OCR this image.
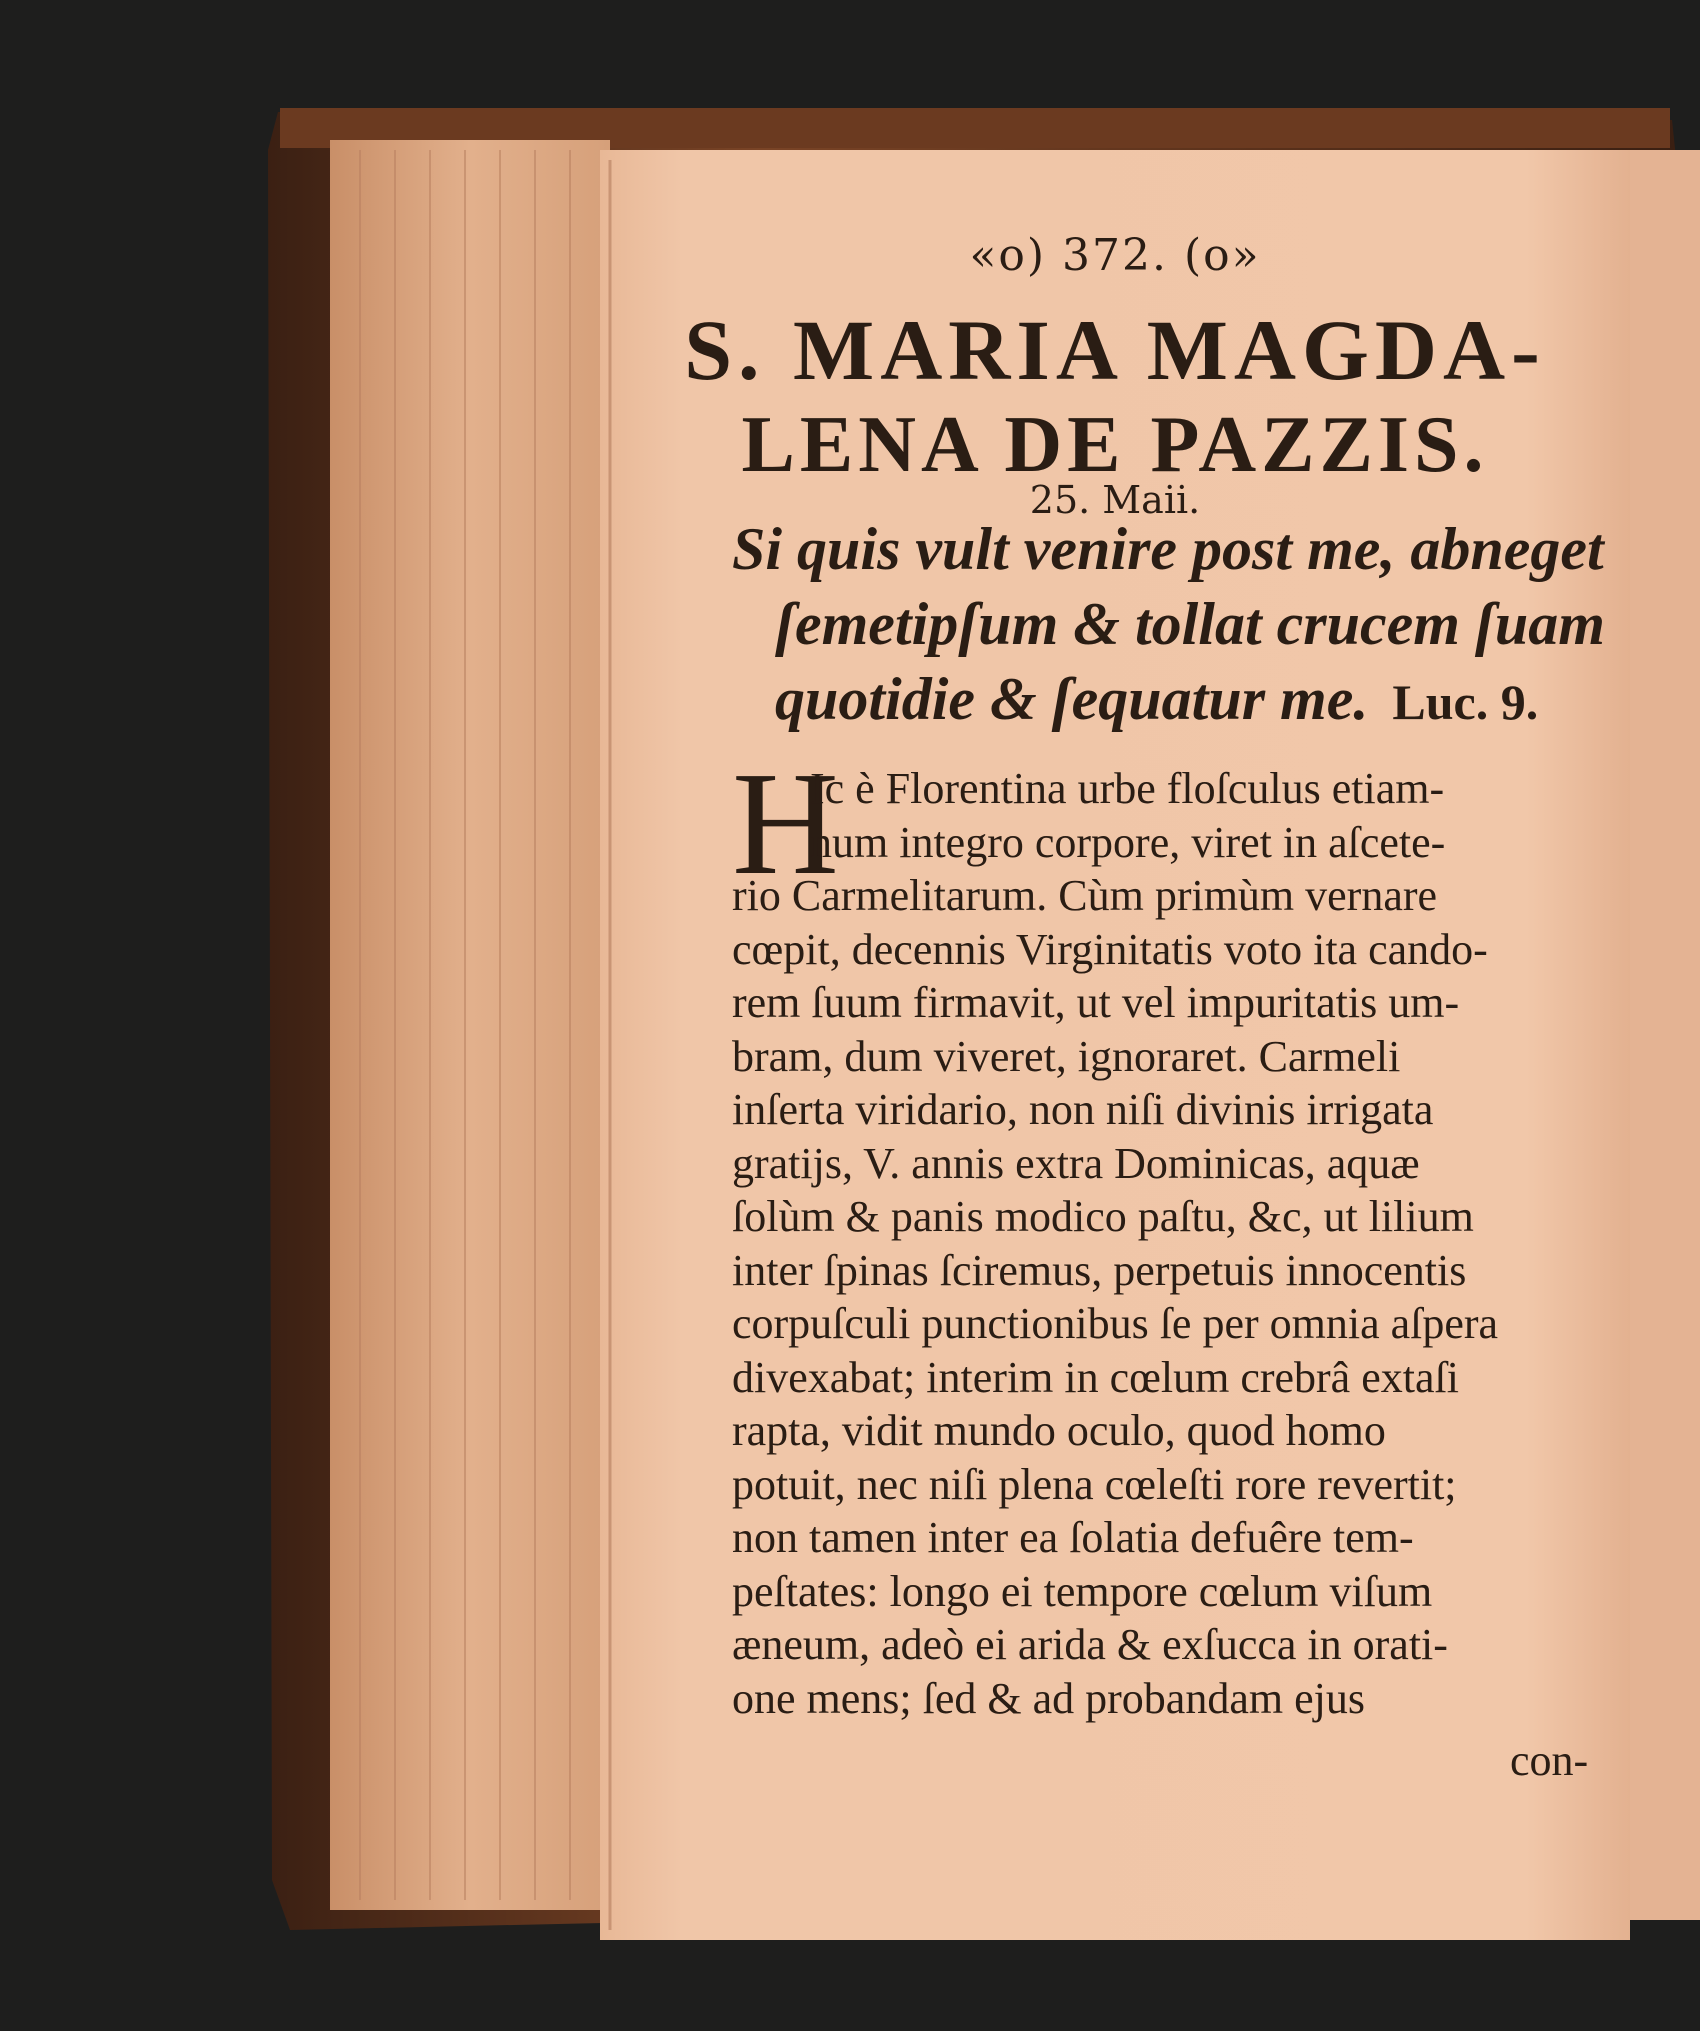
«o) 372. (o»
S. MARIA MAGDA-
LENA DE PAZZIS.
25. Maii.
Si quis vult venire post me, abneget
ſemetipſum & tollat crucem ſuam
quotidie & ſequatur me. Luc. 9.
H
Ic è Florentina urbe floſculus etiam-
num integro corpore, viret in aſcete-
rio Carmelitarum. Cùm primùm vernare
cœpit, decennis Virginitatis voto ita cando-
rem ſuum firmavit, ut vel impuritatis um-
bram, dum viveret, ignoraret. Carmeli
inſerta viridario, non niſi divinis irrigata
gratijs, V. annis extra Dominicas, aquæ
ſolùm & panis modico paſtu, &c, ut lilium
inter ſpinas ſciremus, perpetuis innocentis
corpuſculi punctionibus ſe per omnia aſpera
divexabat; interim in cœlum crebrâ extaſi
rapta, vidit mundo oculo, quod homo
potuit, nec niſi plena cœleſti rore revertit;
non tamen inter ea ſolatia defuêre tem-
peſtates: longo ei tempore cœlum viſum
æneum, adeò ei arida & exſucca in orati-
one mens; ſed & ad probandam ejus
con-
